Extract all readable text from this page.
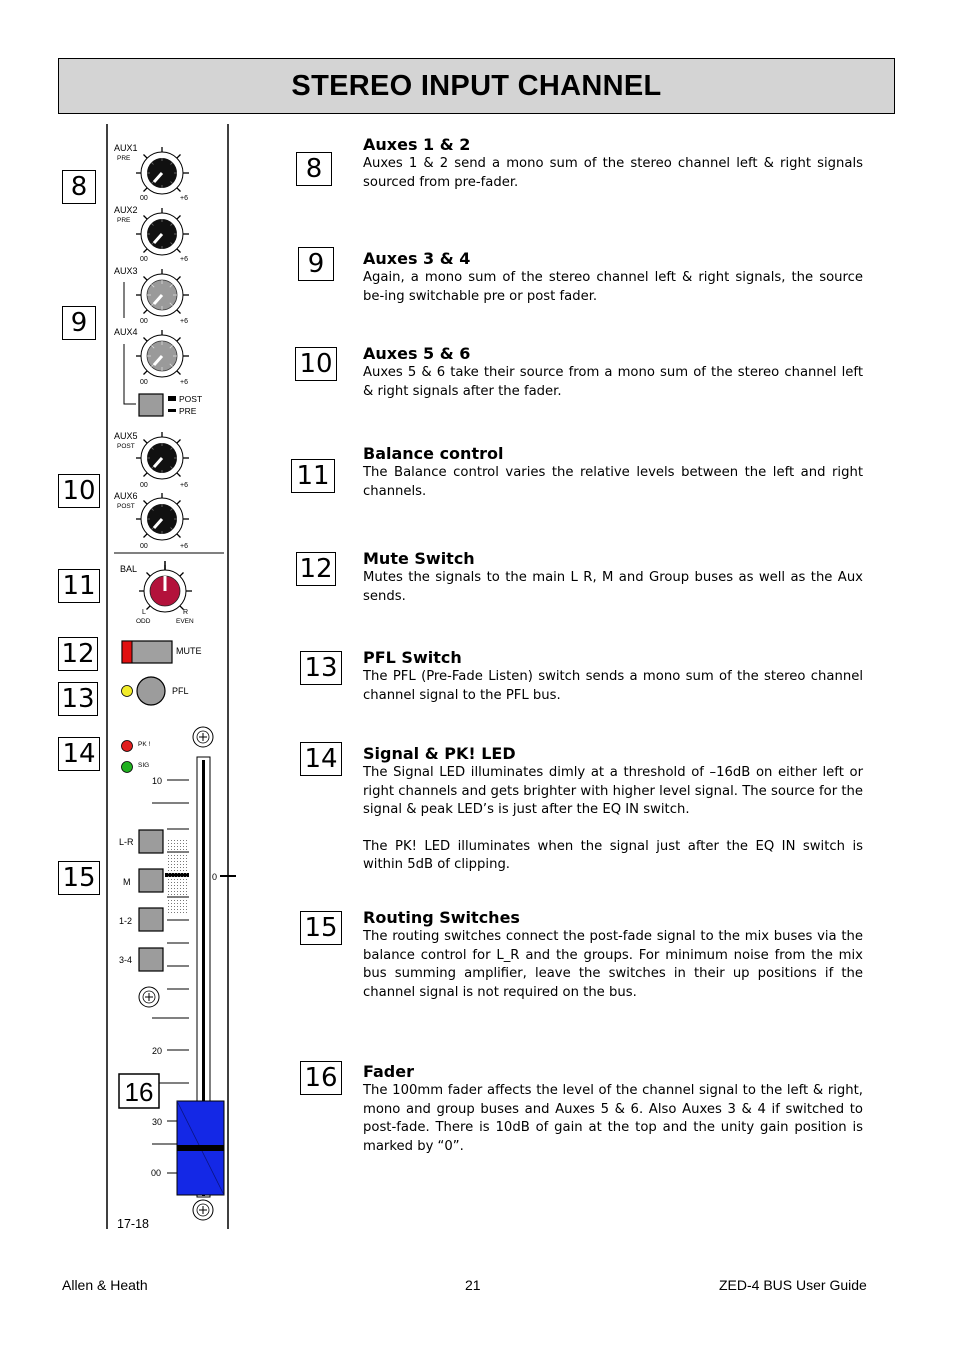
STEREO INPUT CHANNEL
8
9
10
11
12
13
14
15
AUX1
PRE
00	+6
AUX2
PRE
00	+6
AUX3
00	+6
AUX4
00	+6
POST
PRE
AUX5
POST
00	+6
AUX6
POST
00	+6
BAL
L	R
ODD	EVEN
MUTE
PFL
PK !
SIG
10
20
30
00
0
L-R
M
1-2
3-4
16
17-18
8
Auxes 1 & 2

Auxes 1 & 2 send a mono sum of the stereo channel left & right signals sourced from pre-fader.

9	Auxes 3 & 4

Again, a mono sum of the stereo channel left & right signals, the source be-ing switchable pre or post fader.

10 Auxes 5 & 6

Auxes 5 & 6 take their source from a mono sum of the stereo channel left & right signals after the fader.

11
Balance control

The Balance control varies the relative levels between the left and right channels.

12 Mute Switch

Mutes the signals to the main L R, M and Group buses as well as the Aux sends.

13 PFL Switch

The PFL (Pre-Fade Listen) switch sends a mono sum of the stereo channel channel signal to the PFL bus.

14 Signal & PK! LED

The Signal LED illuminates dimly at a threshold of –16dB on either left or right channels and gets brighter with higher level signal. The source for the signal & peak LED’s is just after the EQ IN switch.

The PK! LED illuminates when the signal just after the EQ IN switch is within 5dB of clipping.

15 Routing Switches

The routing switches connect the post-fade signal to the mix buses via the balance control for L_R and the groups. For minimum noise from the mix bus summing amplifier, leave the switches in their up positions if the channel signal is not required on the bus.

16 Fader

The 100mm fader affects the level of the channel signal to the left & right, mono and group buses and Auxes 5 & 6. Also Auxes 3 & 4 if switched to post-fade. There is 10dB of gain at the top and the unity gain position is marked by “0”.

Allen & Heath	21	ZED-4 BUS User Guide
